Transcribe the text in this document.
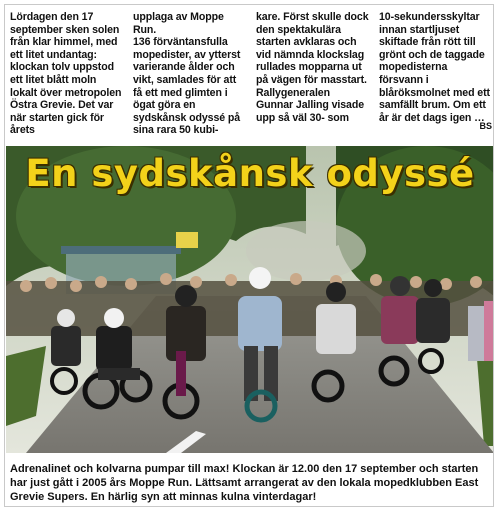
Lördagen den 17 september sken solen från klar himmel, med ett litet undantag: klockan tolv uppstod ett litet blått moln lokalt över metropolen Östra Grevie. Det var när starten gick för årets

upplaga av Moppe Run.
136 förväntansfulla mopedister, av ytterst varierande ålder och vikt, samlades för att få ett med glimten i ögat göra en sydskånsk odyssé på sina rara 50 kubi-
kare. Först skulle dock den spektakulära starten avklaras och vid nämnda klockslag rullades mopparna ut på vägen för masstart. Rallygeneralen Gunnar Jalling visade upp så väl 30- som
10-sekundersskyltar innan startljuset skiftade från rött till grönt och de taggade mopedisterna försvann i blåröksmolnet med ett samfällt brum. Om ett år är det dags igen …
BS
En sydskånsk odyssé
Adrenalinet och kolvarna pumpar till max! Klockan är 12.00 den 17 september och starten har just gått i 2005 års Moppe Run. Lättsamt arrangerat av den lokala mopedklubben East Grevie Supers. En härlig syn att minnas kulna vinterdagar!
